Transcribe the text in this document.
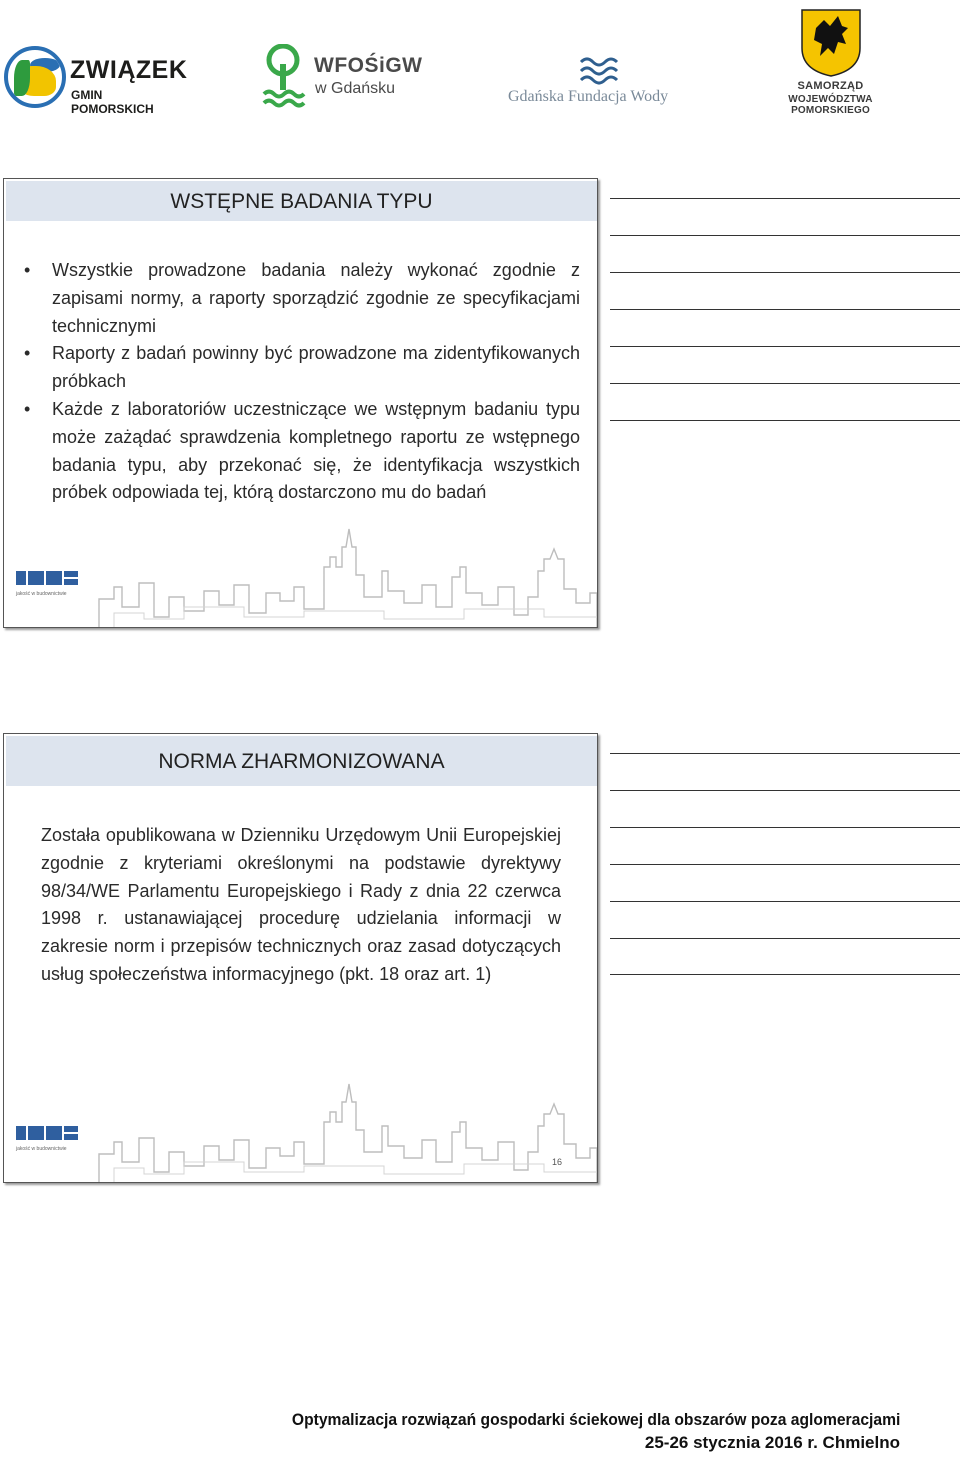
ZWIĄZEK
GMIN POMORSKICH
WFOŚiGW
w Gdańsku	Gdańska Fundacja Wody
SAMORZĄD
WOJEWÓDZTWA POMORSKIEGO
WSTĘPNE BADANIA TYPU
• Wszystkie prowadzone badania należy wykonać zgodnie z zapisami normy, a raporty sporządzić zgodnie ze specyfikacjami technicznymi
• Raporty z badań powinny być prowadzone ma zidentyfikowanych próbkach
• Każde z laboratoriów uczestniczące we wstępnym badaniu typu może zażądać sprawdzenia kompletnego raportu ze wstępnego badania typu, aby przekonać się, że identyfikacja wszystkich próbek odpowiada tej, którą dostarczono mu do badań
jakość w budownictwie
NORMA ZHARMONIZOWANA

Została opublikowana w Dzienniku Urzędowym Unii Europejskiej zgodnie z kryteriami określonymi na podstawie dyrektywy 98/34/WE Parlamentu Europejskiego i Rady z dnia 22 czerwca 1998 r. ustanawiającej procedurę udzielania informacji w zakresie norm i przepisów technicznych oraz zasad dotyczących usług społeczeństwa informacyjnego (pkt. 18 oraz art. 1)

jakość w budownictwie
16
Optymalizacja rozwiązań gospodarki ściekowej dla obszarów poza aglomeracjami
25-26 stycznia 2016 r. Chmielno
